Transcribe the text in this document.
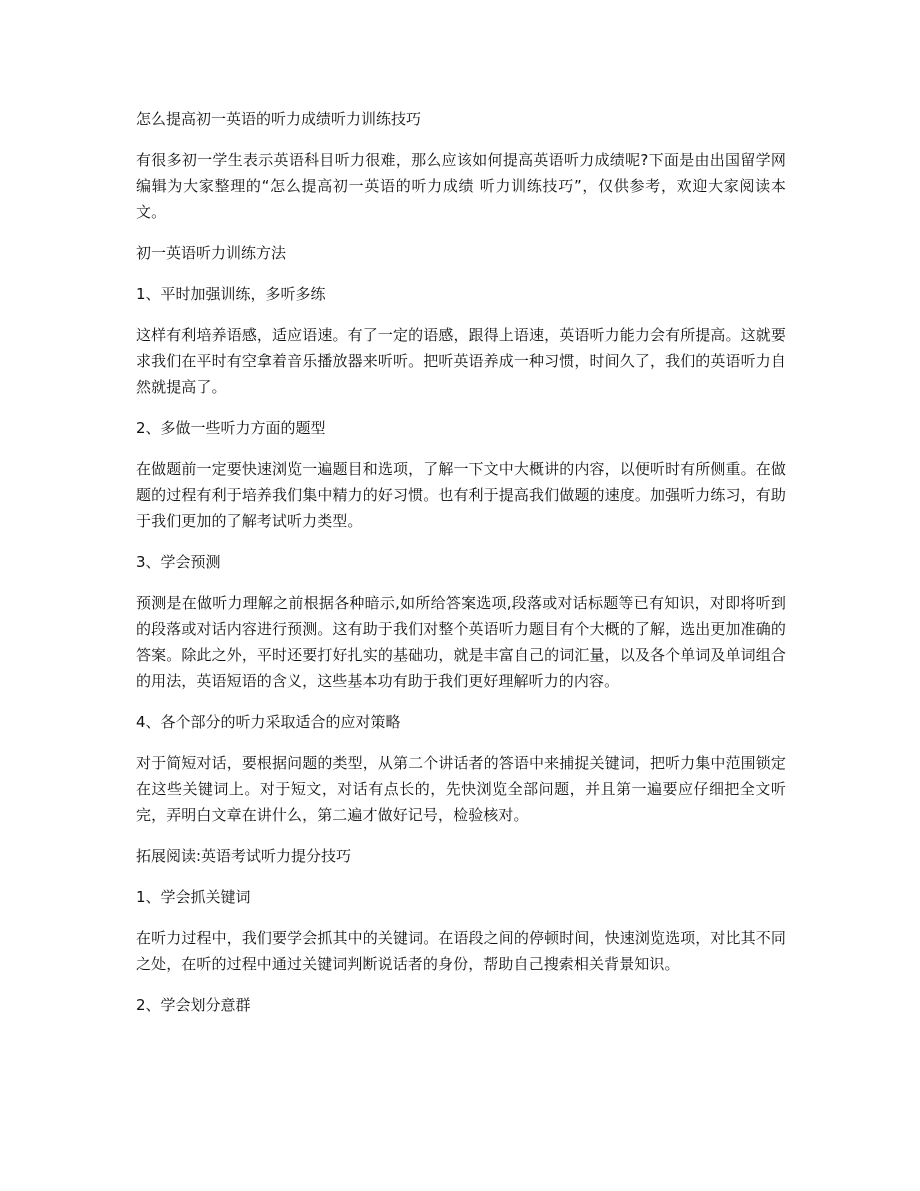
怎么提高初一英语的听力成绩听力训练技巧
有很多初一学生表示英语科目听力很难，那么应该如何提高英语听力成绩呢?下面是由出国留学网编辑为大家整理的“怎么提高初一英语的听力成绩 听力训练技巧”，仅供参考，欢迎大家阅读本文。
初一英语听力训练方法
1、平时加强训练，多听多练
这样有利培养语感，适应语速。有了一定的语感，跟得上语速，英语听力能力会有所提高。这就要求我们在平时有空拿着音乐播放器来听听。把听英语养成一种习惯，时间久了，我们的英语听力自然就提高了。
2、多做一些听力方面的题型
在做题前一定要快速浏览一遍题目和选项，了解一下文中大概讲的内容，以便听时有所侧重。在做题的过程有利于培养我们集中精力的好习惯。也有利于提高我们做题的速度。加强听力练习，有助于我们更加的了解考试听力类型。
3、学会预测
预测是在做听力理解之前根据各种暗示,如所给答案选项,段落或对话标题等已有知识，对即将听到的段落或对话内容进行预测。这有助于我们对整个英语听力题目有个大概的了解，选出更加准确的答案。除此之外，平时还要打好扎实的基础功，就是丰富自己的词汇量，以及各个单词及单词组合的用法，英语短语的含义，这些基本功有助于我们更好理解听力的内容。
4、各个部分的听力采取适合的应对策略
对于简短对话，要根据问题的类型，从第二个讲话者的答语中来捕捉关键词，把听力集中范围锁定在这些关键词上。对于短文，对话有点长的，先快浏览全部问题，并且第一遍要应仔细把全文听完，弄明白文章在讲什么，第二遍才做好记号，检验核对。
拓展阅读:英语考试听力提分技巧
1、学会抓关键词
在听力过程中，我们要学会抓其中的关键词。在语段之间的停顿时间，快速浏览选项，对比其不同之处，在听的过程中通过关键词判断说话者的身份，帮助自己搜索相关背景知识。
2、学会划分意群
